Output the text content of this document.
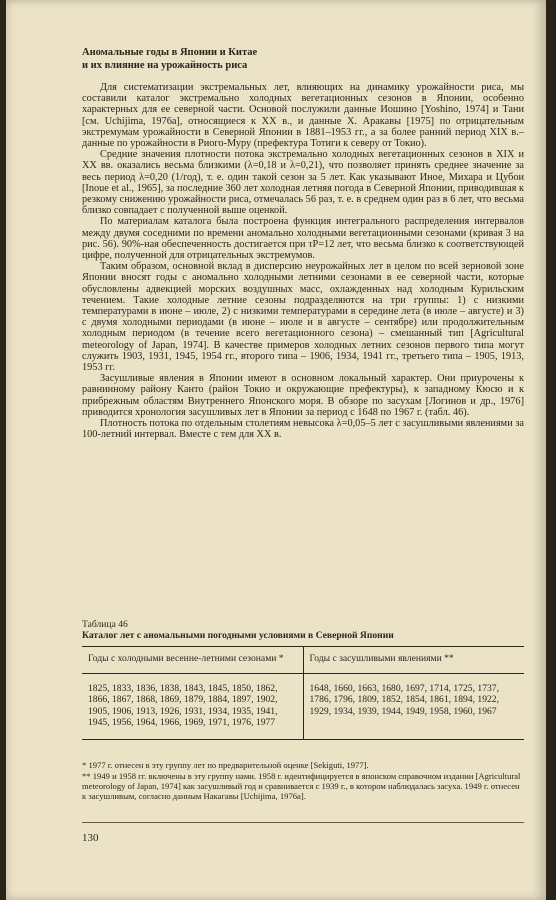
Аномальные годы в Японии и Китае
и их влияние на урожайность риса

Для систематизации экстремальных лет, влияющих на динамику урожайности риса, мы составили каталог экстремально холодных вегетационных сезонов в Японии, особенно характерных для ее северной части. Основой послужили данные Иошино [Yoshino, 1974] и Тани [см. Uchijima, 1976а], относящиеся к XX в., и данные Х. Аракавы [1975] по отрицательным экстремумам урожайности в Северной Японии в 1881–1953 гг., а за более ранний период XIX в.– данные по урожайности в Риого-Муру (префектура Тотиги к северу от Токио).

Средние значения плотности потока экстремально холодных вегетационных сезонов в XIX и XX вв. оказались весьма близкими (λ=0,18 и λ=0,21), что позволяет принять среднее значение за весь период λ=0,20 (1/год), т. е. один такой сезон за 5 лет. Как указывают Иное, Михара и Цубои [Inoue et al., 1965], за последние 360 лет холодная летняя погода в Северной Японии, приводившая к резкому снижению урожайности риса, отмечалась 56 раз, т. е. в среднем один раз в 6 лет, что весьма близко совпадает с полученной выше оценкой.

По материалам каталога была построена функция интегрального распределения интервалов между двумя соседними по времени аномально холодными вегетационными сезонами (кривая 3 на рис. 56). 90%-ная обеспеченность достигается при τP=12 лет, что весьма близко к соответствующей цифре, полученной для отрицательных экстремумов.

Таким образом, основной вклад в дисперсию неурожайных лет в целом по всей зерновой зоне Японии вносят годы с аномально холодными летними сезонами в ее северной части, которые обусловлены адвекцией морских воздушных масс, охлажденных над холодным Курильским течением. Такие холодные летние сезоны подразделяются на три группы: 1) с низкими температурами в июне – июле, 2) с низкими температурами в середине лета (в июле – августе) и 3) с двумя холодными периодами (в июне – июле и в августе – сентябре) или продолжительным холодным периодом (в течение всего вегетационного сезона) – смешанный тип [Agricultural meteorology of Japan, 1974]. В качестве примеров холодных летних сезонов первого типа могут служить 1903, 1931, 1945, 1954 гг., второго типа – 1906, 1934, 1941 гг., третьего типа – 1905, 1913, 1953 гг.

Засушливые явления в Японии имеют в основном локальный характер. Они приурочены к равнинному району Канто (район Токио и окружающие префектуры), к западному Кюсю и к прибрежным областям Внутреннего Японского моря. В обзоре по засухам [Логинов и др., 1976] приводится хронология засушливых лет в Японии за период с 1648 по 1967 г. (табл. 46).

Плотность потока по отдельным столетиям невысока λ=0,05–5 лет с засушливыми явлениями за 100-летний интервал. Вместе с тем для XX в.

Таблица 46
Каталог лет с аномальными погодными условиями в Северной Японии
Годы с холодными весенне-летними сезонами *	Годы с засушливыми явлениями **
1825, 1833, 1836, 1838, 1843, 1845, 1850, 1862, 1866, 1867, 1868, 1869, 1879, 1884, 1897, 1902, 1905, 1906, 1913, 1926, 1931, 1934, 1935, 1941, 1945, 1956, 1964, 1966, 1969, 1971, 1976, 1977	1648, 1660, 1663, 1680, 1697, 1714, 1725, 1737, 1786, 1796, 1809, 1852, 1854, 1861, 1894, 1922, 1929, 1934, 1939, 1944, 1949, 1958, 1960, 1967

* 1977 г. отнесен в эту группу лет по предварительной оценке [Sekiguti, 1977].

** 1949 и 1958 гг. включены в эту группу нами. 1958 г. идентифицируется в японском справочном издании [Agricultural meteorology of Japan, 1974] как засушливый год и сравнивается с 1939 г., в котором наблюдалась засуха. 1949 г. отнесен к засушливым, согласно данным Накагавы [Uchijima, 1976а].

130
